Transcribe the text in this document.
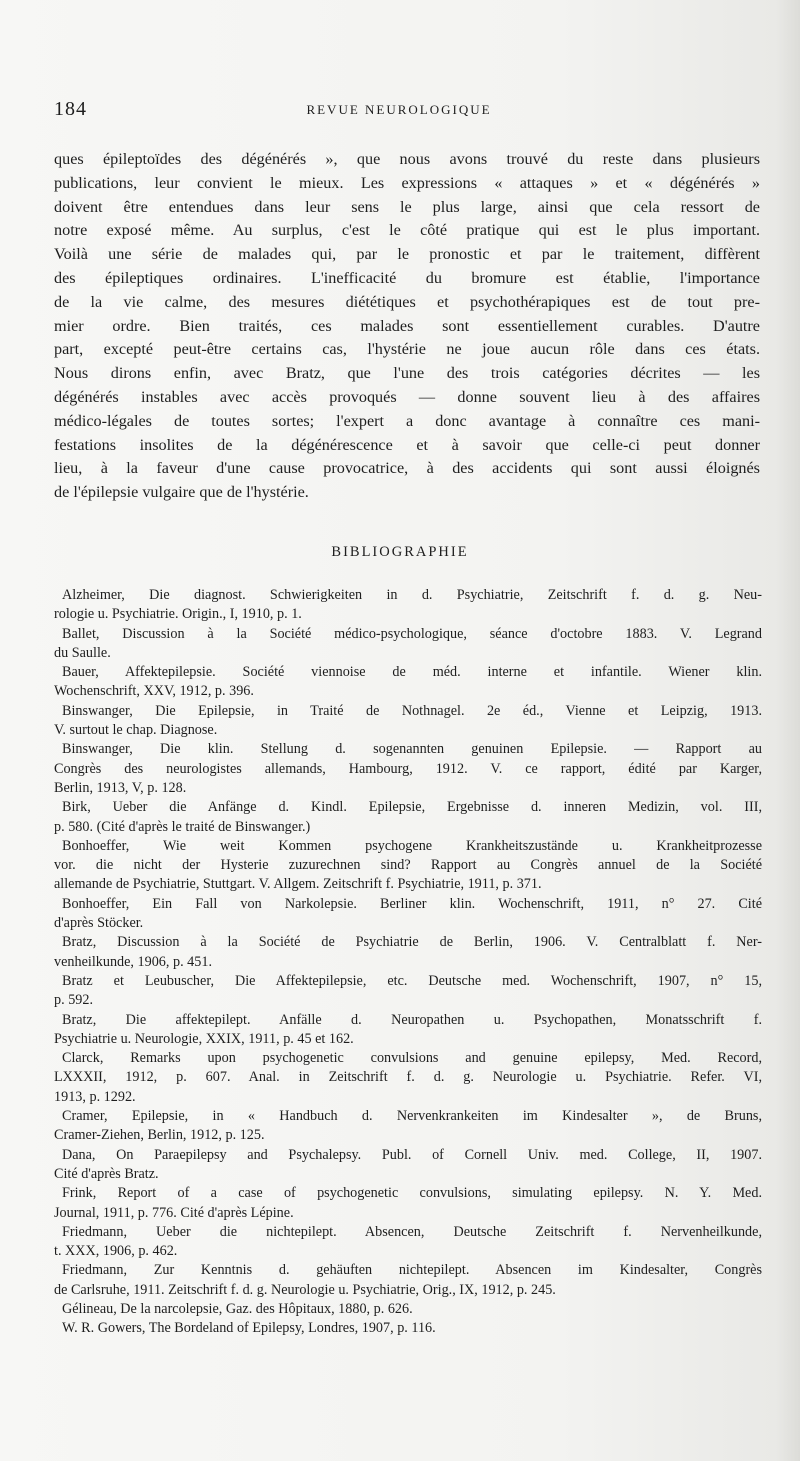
184	REVUE NEUROLOGIQUE
ques épileptoïdes des dégénérés », que nous avons trouvé du reste dans plusieurs
publications, leur convient le mieux. Les expressions « attaques » et « dégénérés »
doivent être entendues dans leur sens le plus large, ainsi que cela ressort de
notre exposé même. Au surplus, c'est le côté pratique qui est le plus important.
Voilà une série de malades qui, par le pronostic et par le traitement, diffèrent
des épileptiques ordinaires. L'inefficacité du bromure est établie, l'importance
de la vie calme, des mesures diététiques et psychothérapiques est de tout pre-
mier ordre. Bien traités, ces malades sont essentiellement curables. D'autre
part, excepté peut-être certains cas, l'hystérie ne joue aucun rôle dans ces états.
Nous dirons enfin, avec Bratz, que l'une des trois catégories décrites — les
dégénérés instables avec accès provoqués — donne souvent lieu à des affaires
médico-légales de toutes sortes; l'expert a donc avantage à connaître ces mani-
festations insolites de la dégénérescence et à savoir que celle-ci peut donner
lieu, à la faveur d'une cause provocatrice, à des accidents qui sont aussi éloignés
de l'épilepsie vulgaire que de l'hystérie.
BIBLIOGRAPHIE
Alzheimer, Die diagnost. Schwierigkeiten in d. Psychiatrie, Zeitschrift f. d. g. Neu-
rologie u. Psychiatrie. Origin., I, 1910, p. 1.
Ballet, Discussion à la Société médico-psychologique, séance d'octobre 1883. V. Legrand
du Saulle.
Bauer, Affektepilepsie. Société viennoise de méd. interne et infantile. Wiener klin.
Wochenschrift, XXV, 1912, p. 396.
Binswanger, Die Epilepsie, in Traité de Nothnagel. 2e éd., Vienne et Leipzig, 1913.
V. surtout le chap. Diagnose.
Binswanger, Die klin. Stellung d. sogenannten genuinen Epilepsie. — Rapport au
Congrès des neurologistes allemands, Hambourg, 1912. V. ce rapport, édité par Karger,
Berlin, 1913, V, p. 128.
Birk, Ueber die Anfänge d. Kindl. Epilepsie, Ergebnisse d. inneren Medizin, vol. III,
p. 580. (Cité d'après le traité de Binswanger.)
Bonhoeffer, Wie weit Kommen psychogene Krankheitszustände u. Krankheitprozesse
vor. die nicht der Hysterie zuzurechnen sind? Rapport au Congrès annuel de la Société
allemande de Psychiatrie, Stuttgart. V. Allgem. Zeitschrift f. Psychiatrie, 1911, p. 371.
Bonhoeffer, Ein Fall von Narkolepsie. Berliner klin. Wochenschrift, 1911, n° 27. Cité
d'après Stöcker.
Bratz, Discussion à la Société de Psychiatrie de Berlin, 1906. V. Centralblatt f. Ner-
venheilkunde, 1906, p. 451.
Bratz et Leubuscher, Die Affektepilepsie, etc. Deutsche med. Wochenschrift, 1907, n° 15,
p. 592.
Bratz, Die affektepilept. Anfälle d. Neuropathen u. Psychopathen, Monatsschrift f.
Psychiatrie u. Neurologie, XXIX, 1911, p. 45 et 162.
Clarck, Remarks upon psychogenetic convulsions and genuine epilepsy, Med. Record,
LXXXII, 1912, p. 607. Anal. in Zeitschrift f. d. g. Neurologie u. Psychiatrie. Refer. VI,
1913, p. 1292.
Cramer, Epilepsie, in « Handbuch d. Nervenkrankeiten im Kindesalter », de Bruns,
Cramer-Ziehen, Berlin, 1912, p. 125.
Dana, On Paraepilepsy and Psychalepsy. Publ. of Cornell Univ. med. College, II, 1907.
Cité d'après Bratz.
Frink, Report of a case of psychogenetic convulsions, simulating epilepsy. N. Y. Med.
Journal, 1911, p. 776. Cité d'après Lépine.
Friedmann, Ueber die nichtepilept. Absencen, Deutsche Zeitschrift f. Nervenheilkunde,
t. XXX, 1906, p. 462.
Friedmann, Zur Kenntnis d. gehäuften nichtepilept. Absencen im Kindesalter, Congrès
de Carlsruhe, 1911. Zeitschrift f. d. g. Neurologie u. Psychiatrie, Orig., IX, 1912, p. 245.
Gélineau, De la narcolepsie, Gaz. des Hôpitaux, 1880, p. 626.
W. R. Gowers, The Bordeland of Epilepsy, Londres, 1907, p. 116.
